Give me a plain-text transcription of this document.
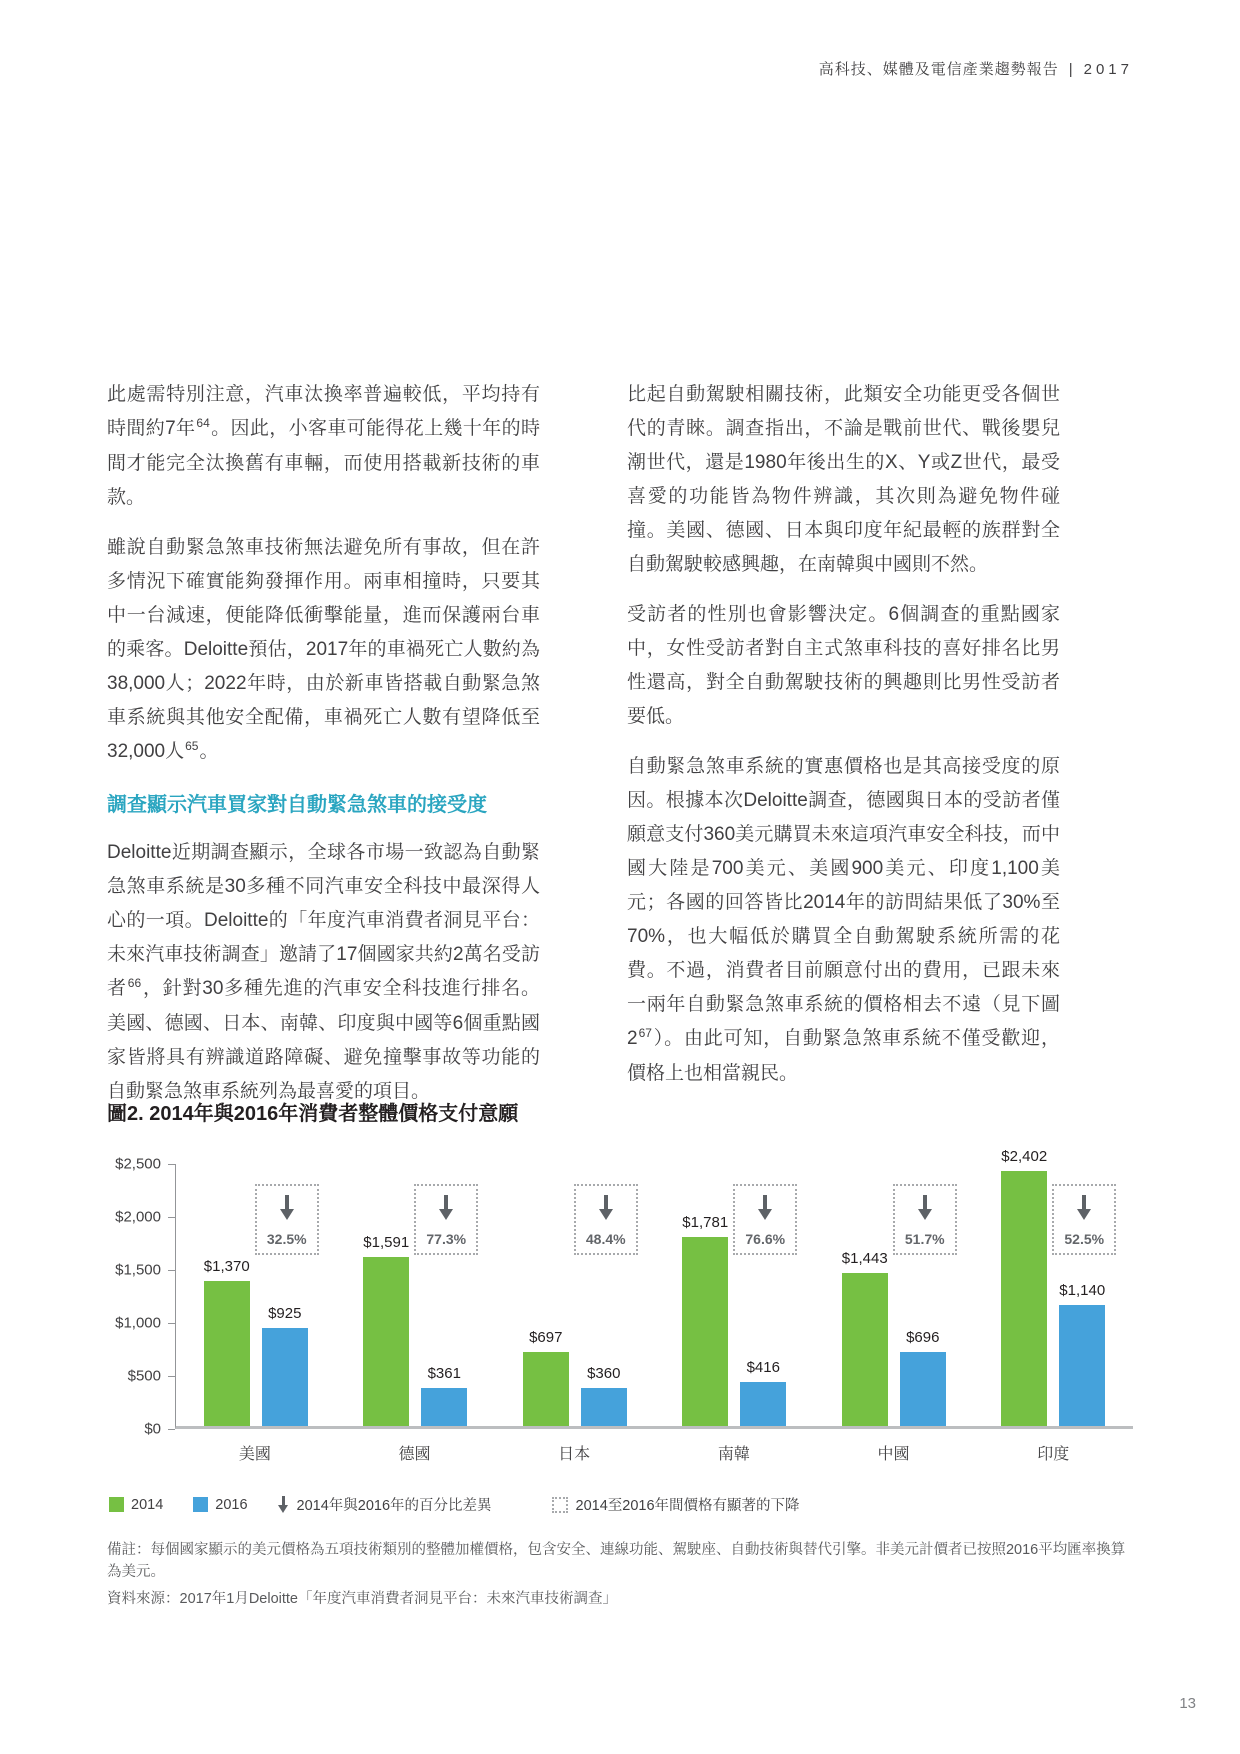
高科技、媒體及電信產業趨勢報告 | 2017

此處需特別注意，汽車汰換率普遍較低，平均持有時間約7年$^{64}$。因此，小客車可能得花上幾十年的時間才能完全汰換舊有車輛，而使用搭載新技術的車款。

雖說自動緊急煞車技術無法避免所有事故，但在許多情況下確實能夠發揮作用。兩車相撞時，只要其中一台減速，便能降低衝擊能量，進而保護兩台車的乘客。Deloitte預估，2017年的車禍死亡人數約為38,000人；2022年時，由於新車皆搭載自動緊急煞車系統與其他安全配備，車禍死亡人數有望降低至32,000人$^{65}$。

調查顯示汽車買家對自動緊急煞車的接受度

Deloitte近期調查顯示，全球各市場一致認為自動緊急煞車系統是30多種不同汽車安全科技中最深得人心的一項。Deloitte的「年度汽車消費者洞見平台：未來汽車技術調查」邀請了17個國家共約2萬名受訪者$^{66}$，針對30多種先進的汽車安全科技進行排名。美國、德國、日本、南韓、印度與中國等6個重點國家皆將具有辨識道路障礙、避免撞擊事故等功能的自動緊急煞車系統列為最喜愛的項目。

比起自動駕駛相關技術，此類安全功能更受各個世代的青睞。調查指出，不論是戰前世代、戰後嬰兒潮世代，還是1980年後出生的X、Y或Z世代，最受喜愛的功能皆為物件辨識，其次則為避免物件碰撞。美國、德國、日本與印度年紀最輕的族群對全自動駕駛較感興趣，在南韓與中國則不然。

受訪者的性別也會影響決定。6個調查的重點國家中，女性受訪者對自主式煞車科技的喜好排名比男性還高，對全自動駕駛技術的興趣則比男性受訪者要低。

自動緊急煞車系統的實惠價格也是其高接受度的原因。根據本次Deloitte調查，德國與日本的受訪者僅願意支付360美元購買未來這項汽車安全科技，而中國大陸是700美元、美國900美元、印度1,100美元；各國的回答皆比2014年的訪問結果低了30%至70%，也大幅低於購買全自動駕駛系統所需的花費。不過，消費者目前願意付出的費用，已跟未來一兩年自動緊急煞車系統的價格相去不遠（見下圖$2^{67}$）。由此可知，自動緊急煞車系統不僅受歡迎，價格上也相當親民。

圖2. 2014年與2016年消費者整體價格支付意願
$2,500
$2,000
$1,500
$1,000
$500
$0
$1,370
$925
32.5%	$1,591
$361
77.3%
$697
$360
48.4%
$1,781
$416
76.6%
$1,443
$696
51.7%
$2,402
$1,140
52.5%
美國	德國	日本	南韓	中國	印度
2014	2016	2014年與2016年的百分比差異	2014至2016年間價格有顯著的下降

備註：每個國家顯示的美元價格為五項技術類別的整體加權價格，包含安全、連線功能、駕駛座、自動技術與替代引擎。非美元計價者已按照2016平均匯率換算為美元。

資料來源：2017年1月Deloitte「年度汽車消費者洞見平台：未來汽車技術調查」

13
